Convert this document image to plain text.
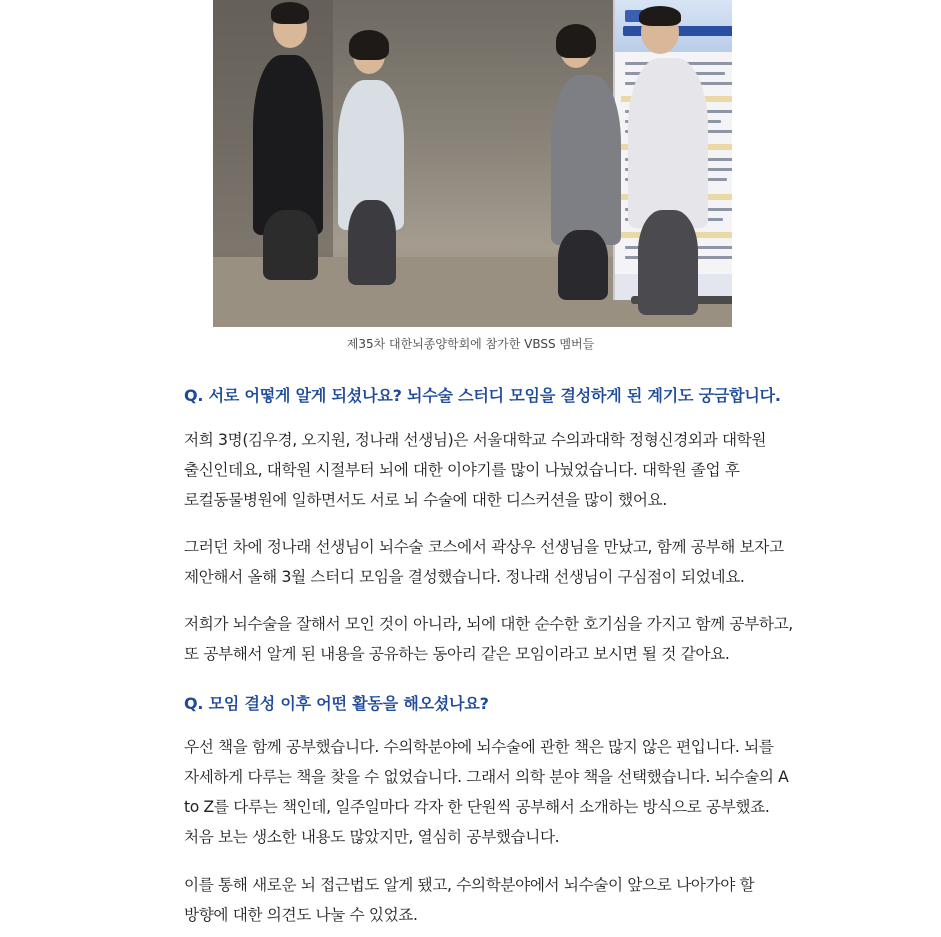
제35차 대한뇌종양학회에 참가한 VBSS 멤버들
Q. 서로 어떻게 알게 되셨나요? 뇌수술 스터디 모임을 결성하게 된 계기도 궁금합니다.
저희 3명(김우경, 오지원, 정나래 선생님)은 서울대학교 수의과대학 정형신경외과 대학원
출신인데요, 대학원 시절부터 뇌에 대한 이야기를 많이 나눴었습니다. 대학원 졸업 후
로컬동물병원에 일하면서도 서로 뇌 수술에 대한 디스커션을 많이 했어요.
그러던 차에 정나래 선생님이 뇌수술 코스에서 곽상우 선생님을 만났고, 함께 공부해 보자고
제안해서 올해 3월 스터디 모임을 결성했습니다. 정나래 선생님이 구심점이 되었네요.
저희가 뇌수술을 잘해서 모인 것이 아니라, 뇌에 대한 순수한 호기심을 가지고 함께 공부하고,
또 공부해서 알게 된 내용을 공유하는 동아리 같은 모임이라고 보시면 될 것 같아요.
Q. 모임 결성 이후 어떤 활동을 해오셨나요?
우선 책을 함께 공부했습니다. 수의학분야에 뇌수술에 관한 책은 많지 않은 편입니다. 뇌를
자세하게 다루는 책을 찾을 수 없었습니다. 그래서 의학 분야 책을 선택했습니다. 뇌수술의 A
to Z를 다루는 책인데, 일주일마다 각자 한 단원씩 공부해서 소개하는 방식으로 공부했죠.
처음 보는 생소한 내용도 많았지만, 열심히 공부했습니다.
이를 통해 새로운 뇌 접근법도 알게 됐고, 수의학분야에서 뇌수술이 앞으로 나아가야 할
방향에 대한 의견도 나눌 수 있었죠.
